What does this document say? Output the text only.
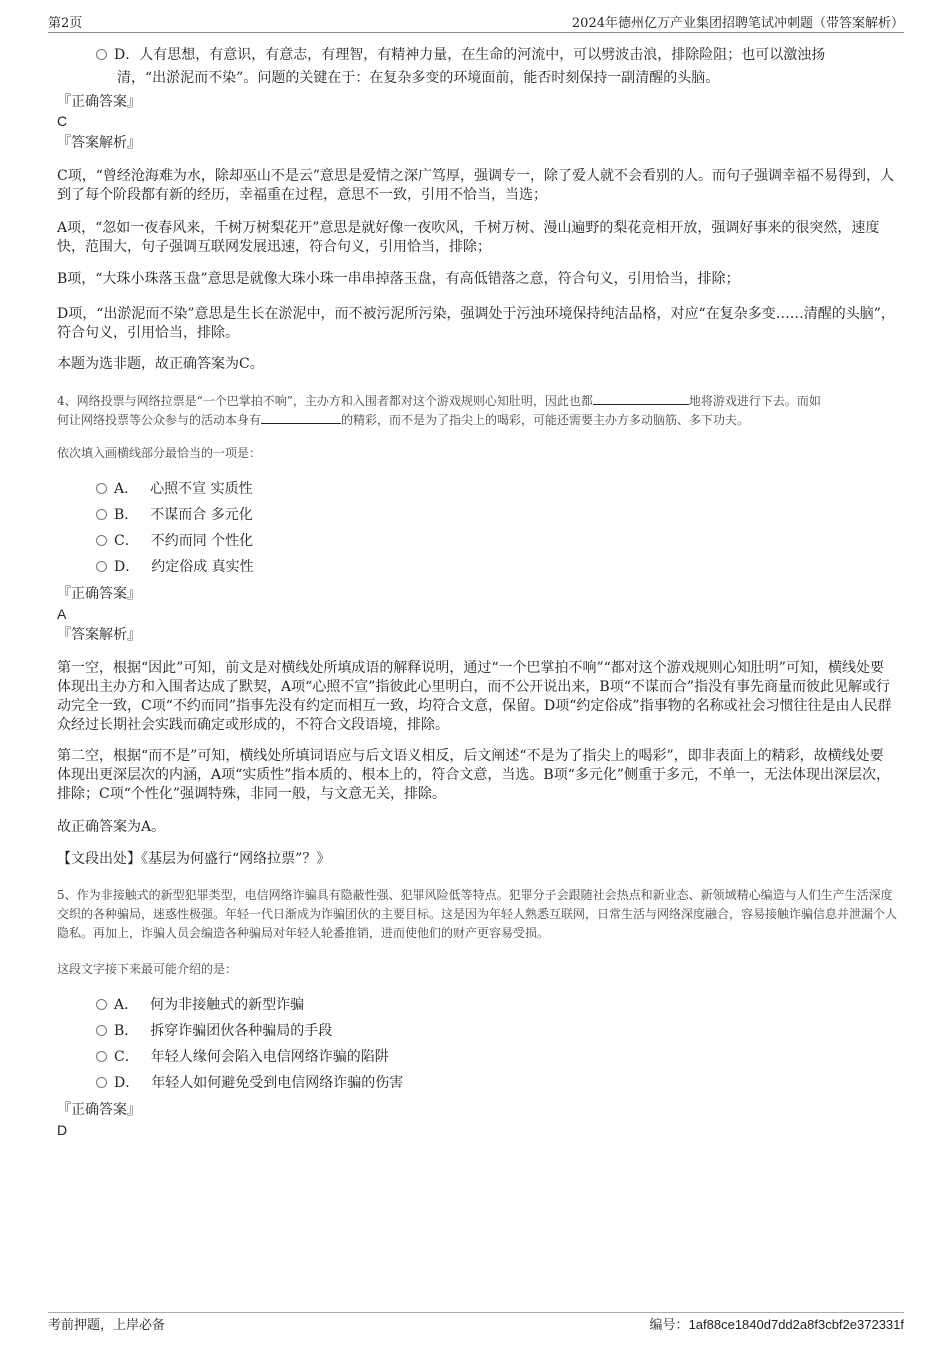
第2页	2024年德州亿万产业集团招聘笔试冲刺题（带答案解析）
D．人有思想，有意识，有意志，有理智，有精神力量，在生命的河流中，可以劈波击浪，排除险阻；也可以激浊扬
清，“出淤泥而不染”。问题的关键在于：在复杂多变的环境面前，能否时刻保持一副清醒的头脑。
『正确答案』
C
『答案解析』
C项，“曾经沧海难为水，除却巫山不是云”意思是爱情之深广笃厚，强调专一，除了爱人就不会看别的人。而句子强调幸福不易得到，人到了每个阶段都有新的经历，幸福重在过程，意思不一致，引用不恰当，当选；
A项，“忽如一夜春风来，千树万树梨花开”意思是就好像一夜吹风，千树万树、漫山遍野的梨花竞相开放，强调好事来的很突然，速度快，范围大，句子强调互联网发展迅速，符合句义，引用恰当，排除；
B项，“大珠小珠落玉盘”意思是就像大珠小珠一串串掉落玉盘，有高低错落之意，符合句义，引用恰当，排除；
D项，“出淤泥而不染”意思是生长在淤泥中，而不被污泥所污染，强调处于污浊环境保持纯洁品格，对应“在复杂多变……清醒的头脑”，符合句义，引用恰当，排除。
本题为选非题，故正确答案为C。
4、网络投票与网络拉票是“一个巴掌拍不响”，主办方和入围者都对这个游戏规则心知肚明，因此也都	地将游戏进行下去。而如
何让网络投票等公众参与的活动本身有	的精彩，而不是为了指尖上的喝彩，可能还需要主办方多动脑筋、多下功夫。
依次填入画横线部分最恰当的一项是：
A． 心照不宣 实质性
B． 不谋而合 多元化
C． 不约而同 个性化
D． 约定俗成 真实性
『正确答案』
A
『答案解析』
第一空，根据“因此”可知，前文是对横线处所填成语的解释说明，通过“一个巴掌拍不响”“都对这个游戏规则心知肚明”可知，横线处要体现出主办方和入围者达成了默契，A项“心照不宣”指彼此心里明白，而不公开说出来，B项“不谋而合”指没有事先商量而彼此见解或行动完全一致，C项“不约而同”指事先没有约定而相互一致，均符合文意，保留。D项“约定俗成”指事物的名称或社会习惯往往是由人民群众经过长期社会实践而确定或形成的，不符合文段语境，排除。
第二空，根据“而不是”可知，横线处所填词语应与后文语义相反，后文阐述“不是为了指尖上的喝彩”，即非表面上的精彩，故横线处要体现出更深层次的内涵，A项“实质性”指本质的、根本上的，符合文意，当选。B项“多元化”侧重于多元，不单一，无法体现出深层次，排除；C项“个性化”强调特殊，非同一般，与文意无关，排除。
故正确答案为A。
【文段出处】《基层为何盛行“网络拉票”？》
5、作为非接触式的新型犯罪类型，电信网络诈骗具有隐蔽性强、犯罪风险低等特点。犯罪分子会跟随社会热点和新业态、新领域精心编造与人们生产生活深度交织的各种骗局，迷惑性极强。年轻一代日渐成为诈骗团伙的主要目标。这是因为年轻人熟悉互联网，日常生活与网络深度融合，容易接触诈骗信息并泄漏个人隐私。再加上，诈骗人员会编造各种骗局对年轻人轮番推销，进而使他们的财产更容易受损。
这段文字接下来最可能介绍的是：
A． 何为非接触式的新型诈骗
B． 拆穿诈骗团伙各种骗局的手段
C． 年轻人缘何会陷入电信网络诈骗的陷阱
D． 年轻人如何避免受到电信网络诈骗的伤害
『正确答案』
D
考前押题，上岸必备	编号：1af88ce1840d7dd2a8f3cbf2e372331f
